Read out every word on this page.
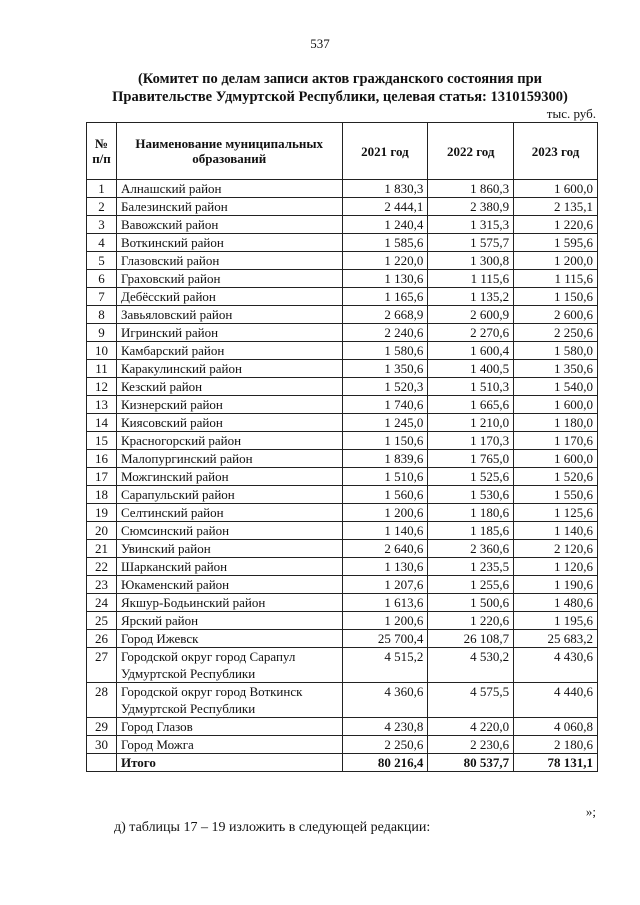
537
(Комитет по делам записи актов гражданского состояния при
Правительстве Удмуртской Республики, целевая статья: 1310159300)
тыс. руб.
№ п/п	Наименование муниципальных образований	2021 год	2022 год	2023 год
1	Алнашский район	1 830,3	1 860,3	1 600,0
2	Балезинский район	2 444,1	2 380,9	2 135,1
3	Вавожский район	1 240,4	1 315,3	1 220,6
4	Воткинский район	1 585,6	1 575,7	1 595,6
5	Глазовский район	1 220,0	1 300,8	1 200,0
6	Граховский район	1 130,6	1 115,6	1 115,6
7	Дебёсский район	1 165,6	1 135,2	1 150,6
8	Завьяловский район	2 668,9	2 600,9	2 600,6
9	Игринский район	2 240,6	2 270,6	2 250,6
10	Камбарский район	1 580,6	1 600,4	1 580,0
11	Каракулинский район	1 350,6	1 400,5	1 350,6
12	Кезский район	1 520,3	1 510,3	1 540,0
13	Кизнерский район	1 740,6	1 665,6	1 600,0
14	Киясовский район	1 245,0	1 210,0	1 180,0
15	Красногорский район	1 150,6	1 170,3	1 170,6
16	Малопургинский район	1 839,6	1 765,0	1 600,0
17	Можгинский район	1 510,6	1 525,6	1 520,6
18	Сарапульский район	1 560,6	1 530,6	1 550,6
19	Селтинский район	1 200,6	1 180,6	1 125,6
20	Сюмсинский район	1 140,6	1 185,6	1 140,6
21	Увинский район	2 640,6	2 360,6	2 120,6
22	Шарканский район	1 130,6	1 235,5	1 120,6
23	Юкаменский район	1 207,6	1 255,6	1 190,6
24	Якшур-Бодьинский район	1 613,6	1 500,6	1 480,6
25	Ярский район	1 200,6	1 220,6	1 195,6
26	Город Ижевск	25 700,4	26 108,7	25 683,2
27	Городской округ город Сарапул Удмуртской Республики	4 515,2	4 530,2	4 430,6
28	Городской округ город Воткинск Удмуртской Республики	4 360,6	4 575,5	4 440,6
29	Город Глазов	4 230,8	4 220,0	4 060,8
30	Город Можга	2 250,6	2 230,6	2 180,6
	Итого	80 216,4	80 537,7	78 131,1
»;
д) таблицы 17 – 19 изложить в следующей редакции:
